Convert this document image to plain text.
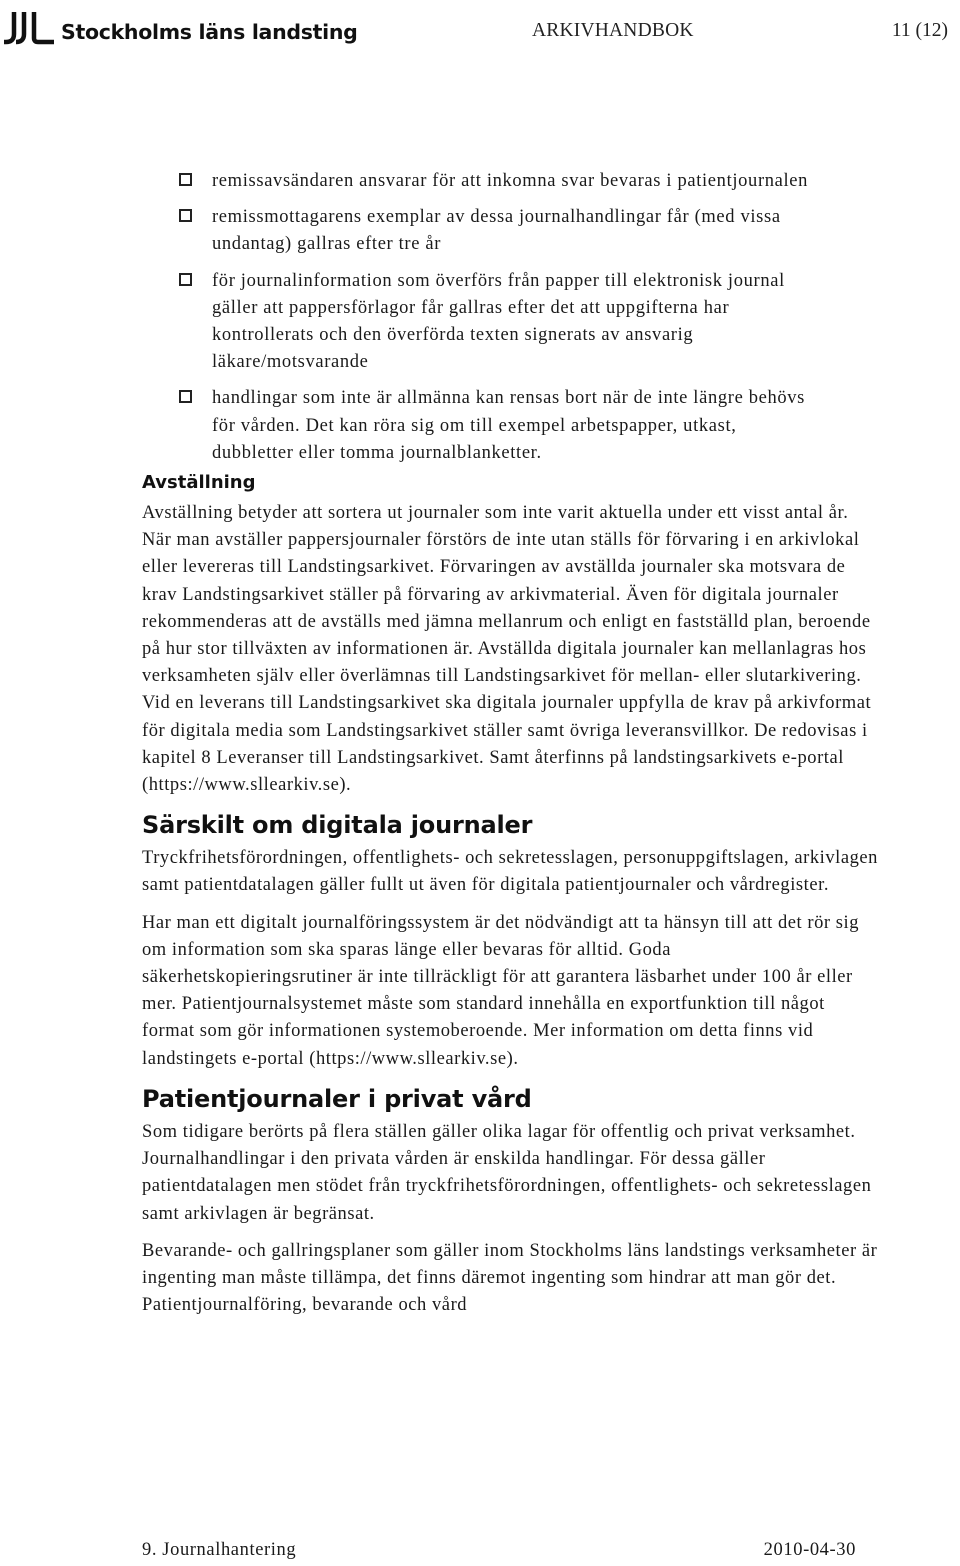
Stockholms läns landsting	ARKIVHANDBOK	11 (12)
remissavsändaren ansvarar för att inkomna svar bevaras i patientjournalen
remissmottagarens exemplar av dessa journalhandlingar får (med vissa undantag) gallras efter tre år
för journalinformation som överförs från papper till elektronisk journal gäller att pappersförlagor får gallras efter det att uppgifterna har kontrollerats och den överförda texten signerats av ansvarig läkare/motsvarande
handlingar som inte är allmänna kan rensas bort när de inte längre behövs för vården. Det kan röra sig om till exempel arbetspapper, utkast, dubbletter eller tomma journalblanketter.
Avställning

Avställning betyder att sortera ut journaler som inte varit aktuella under ett visst antal år. När man avställer pappersjournaler förstörs de inte utan ställs för förvaring i en arkivlokal eller levereras till Landstingsarkivet. Förvaringen av avställda journaler ska motsvara de krav Landstingsarkivet ställer på förvaring av arkivmaterial. Även för digitala journaler rekommenderas att de avställs med jämna mellanrum och enligt en fastställd plan, beroende på hur stor tillväxten av informationen är. Avställda digitala journaler kan mellanlagras hos verksamheten själv eller överlämnas till Landstingsarkivet för mellan- eller slutarkivering. Vid en leverans till Landstingsarkivet ska digitala journaler uppfylla de krav på arkivformat för digitala media som Landstingsarkivet ställer samt övriga leveransvillkor. De redovisas i kapitel 8 Leveranser till Landstingsarkivet. Samt återfinns på landstingsarkivets e-portal (https://www.sllearkiv.se).

Särskilt om digitala journaler

Tryckfrihetsförordningen, offentlighets- och sekretesslagen, personuppgiftslagen, arkivlagen samt patientdatalagen gäller fullt ut även för digitala patientjournaler och vårdregister.

Har man ett digitalt journalföringssystem är det nödvändigt att ta hänsyn till att det rör sig om information som ska sparas länge eller bevaras för alltid. Goda säkerhetskopieringsrutiner är inte tillräckligt för att garantera läsbarhet under 100 år eller mer. Patientjournalsystemet måste som standard innehålla en exportfunktion till något format som gör informationen systemoberoende. Mer information om detta finns vid landstingets e-portal (https://www.sllearkiv.se).

Patientjournaler i privat vård

Som tidigare berörts på flera ställen gäller olika lagar för offentlig och privat verksamhet. Journalhandlingar i den privata vården är enskilda handlingar. För dessa gäller patientdatalagen men stödet från tryckfrihetsförordningen, offentlighets- och sekretesslagen samt arkivlagen är begränsat.

Bevarande- och gallringsplaner som gäller inom Stockholms läns landstings verksamheter är ingenting man måste tillämpa, det finns däremot ingenting som hindrar att man gör det. Patientjournalföring, bevarande och vård

9. Journalhantering	2010-04-30
